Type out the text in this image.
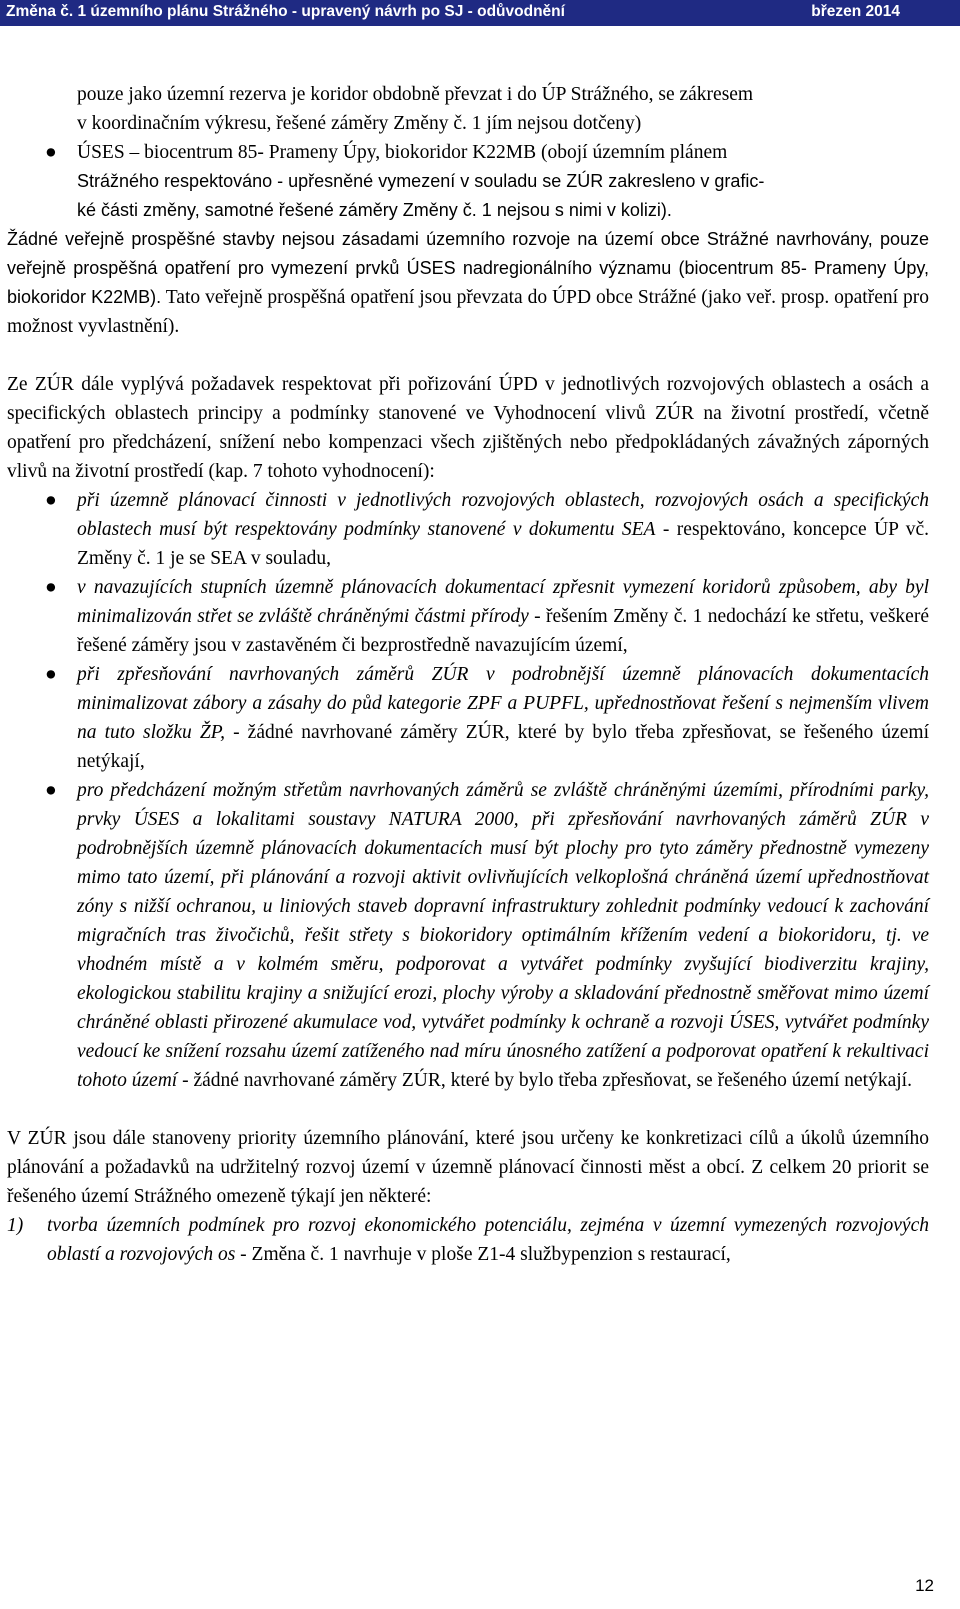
Změna č. 1 územního plánu Strážného - upravený návrh po SJ - odůvodnění	březen 2014
pouze jako územní rezerva je koridor obdobně převzat i do ÚP Strážného, se zákresem
v koordinačním výkresu, řešené záměry Změny č. 1 jím nejsou dotčeny)
● ÚSES – biocentrum 85- Prameny Úpy, biokoridor K22MB (obojí územním plánem
Strážného respektováno - upřesněné vymezení v souladu se ZÚR zakresleno v grafic-
ké části změny, samotné řešené záměry Změny č. 1 nejsou s nimi v kolizi).

Žádné veřejně prospěšné stavby nejsou zásadami územního rozvoje na území obce Strážné navrhovány, pouze veřejně prospěšná opatření pro vymezení prvků ÚSES nadregionálního významu (biocentrum 85- Prameny Úpy, biokoridor K22MB). Tato veřejně prospěšná opatření jsou převzata do ÚPD obce Strážné (jako veř. prosp. opatření pro možnost vyvlastnění).

Ze ZÚR dále vyplývá požadavek respektovat při pořizování ÚPD v jednotlivých rozvojových oblastech a osách a specifických oblastech principy a podmínky stanovené ve Vyhodnocení vlivů ZÚR na životní prostředí, včetně opatření pro předcházení, snížení nebo kompenzaci všech zjištěných nebo předpokládaných závažných záporných vlivů na životní prostředí (kap. 7 tohoto vyhodnocení):

● při územně plánovací činnosti v jednotlivých rozvojových oblastech, rozvojových osách a specifických oblastech musí být respektovány podmínky stanovené v dokumentu SEA - respektováno, koncepce ÚP vč. Změny č. 1 je se SEA v souladu,
● v navazujících stupních územně plánovacích dokumentací zpřesnit vymezení koridorů způsobem, aby byl minimalizován střet se zvláště chráněnými částmi přírody - řešením Změny č. 1 nedochází ke střetu, veškeré řešené záměry jsou v zastavěném či bezprostředně navazujícím území,
● při zpřesňování navrhovaných záměrů ZÚR v podrobnější územně plánovacích dokumentacích minimalizovat zábory a zásahy do půd kategorie ZPF a PUPFL, upřednostňovat řešení s nejmenším vlivem na tuto složku ŽP, - žádné navrhované záměry ZÚR, které by bylo třeba zpřesňovat, se řešeného území netýkají,
● pro předcházení možným střetům navrhovaných záměrů se zvláště chráněnými územími, přírodními parky, prvky ÚSES a lokalitami soustavy NATURA 2000, při zpřesňování navrhovaných záměrů ZÚR v podrobnějších územně plánovacích dokumentacích musí být plochy pro tyto záměry přednostně vymezeny mimo tato území, při plánování a rozvoji aktivit ovlivňujících velkoplošná chráněná území upřednostňovat zóny s nižší ochranou, u liniových staveb dopravní infrastruktury zohlednit podmínky vedoucí k zachování migračních tras živočichů, řešit střety s biokoridory optimálním křížením vedení a biokoridoru, tj. ve vhodném místě a v kolmém směru, podporovat a vytvářet podmínky zvyšující biodiverzitu krajiny, ekologickou stabilitu krajiny a snižující erozi, plochy výroby a skladování přednostně směřovat mimo území chráněné oblasti přirozené akumulace vod, vytvářet podmínky k ochraně a rozvoji ÚSES, vytvářet podmínky vedoucí ke snížení rozsahu území zatíženého nad míru únosného zatížení a podporovat opatření k rekultivaci tohoto území - žádné navrhované záměry ZÚR, které by bylo třeba zpřesňovat, se řešeného území netýkají.

V ZÚR jsou dále stanoveny priority územního plánování, které jsou určeny ke konkretizaci cílů a úkolů územního plánování a požadavků na udržitelný rozvoj území v územně plánovací činnosti měst a obcí. Z celkem 20 priorit se řešeného území Strážného omezeně týkají jen některé:

1) tvorba územních podmínek pro rozvoj ekonomického potenciálu, zejména v územní vymezených rozvojových oblastí a rozvojových os - Změna č. 1 navrhuje v ploše Z1-4 službypenzion s restaurací,
12
